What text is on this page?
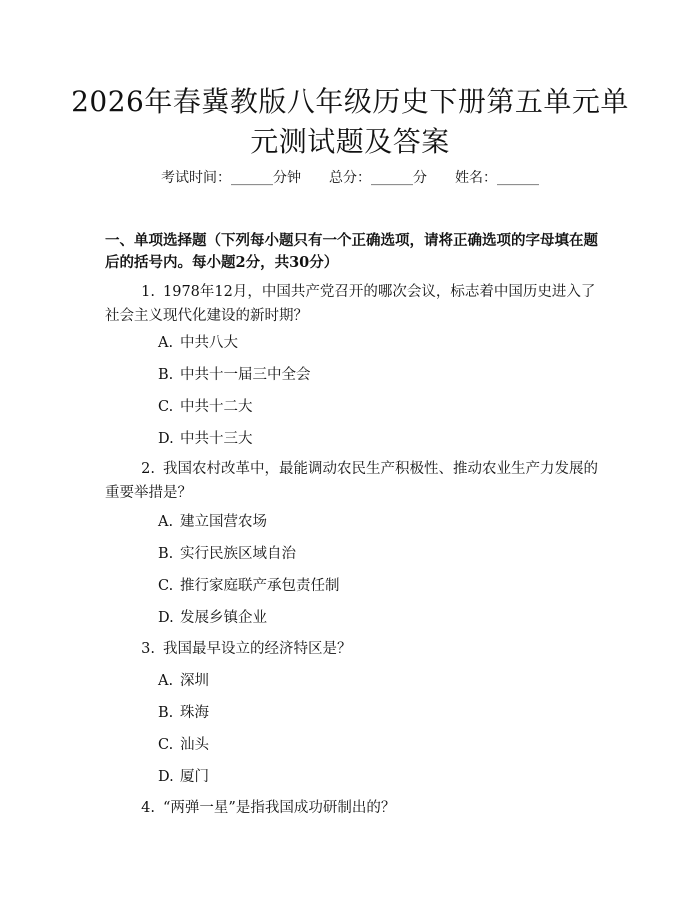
2026年春冀教版八年级历史下册第五单元单元测试题及答案
考试时间：______分钟 总分：______分 姓名：______
一、单项选择题（下列每小题只有一个正确选项，请将正确选项的字母填在题后的括号内。每小题2分，共30分）
1. 1978年12月，中国共产党召开的哪次会议，标志着中国历史进入了社会主义现代化建设的新时期？
A. 中共八大
B. 中共十一届三中全会
C. 中共十二大
D. 中共十三大
2. 我国农村改革中，最能调动农民生产积极性、推动农业生产力发展的重要举措是？
A. 建立国营农场
B. 实行民族区域自治
C. 推行家庭联产承包责任制
D. 发展乡镇企业
3. 我国最早设立的经济特区是？
A. 深圳
B. 珠海
C. 汕头
D. 厦门
4. “两弹一星”是指我国成功研制出的？
